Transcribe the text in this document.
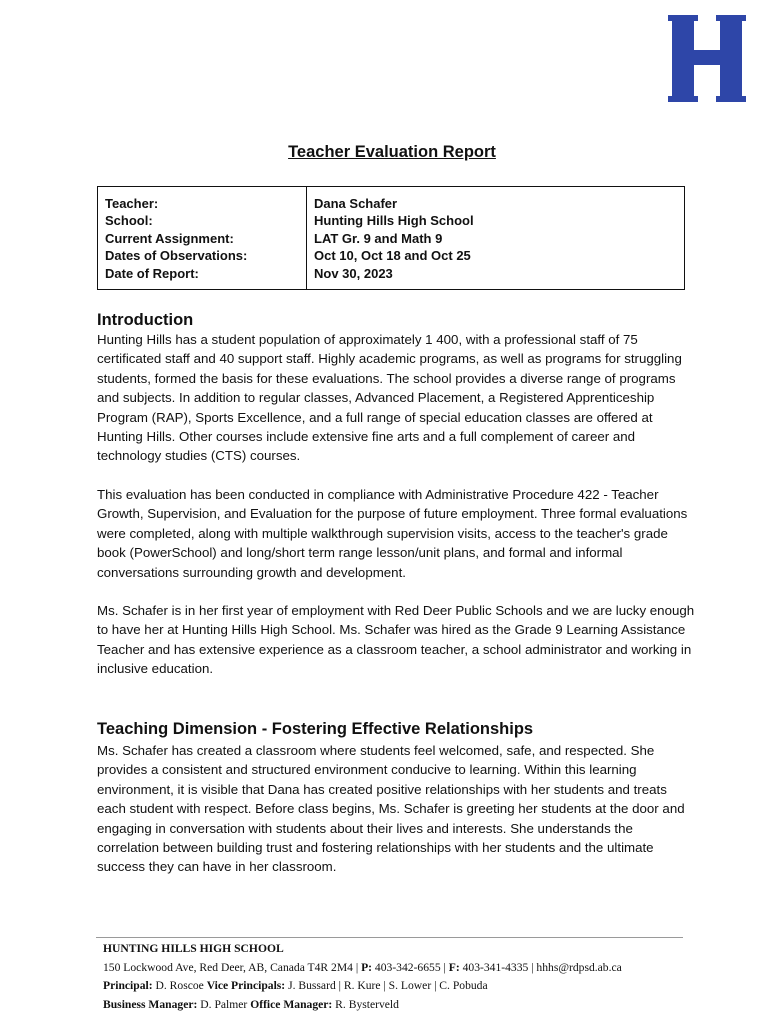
Teacher Evaluation Report
Teacher:
School:
Current Assignment:
Dates of Observations:
Date of Report:
Dana Schafer
Hunting Hills High School
LAT Gr. 9 and Math 9
Oct 10, Oct 18 and Oct 25
Nov 30, 2023
Introduction

Hunting Hills has a student population of approximately 1 400, with a professional staff of 75 certificated staff and 40 support staff. Highly academic programs, as well as programs for struggling students, formed the basis for these evaluations. The school provides a diverse range of programs and subjects. In addition to regular classes, Advanced Placement, a Registered Apprenticeship Program (RAP), Sports Excellence, and a full range of special education classes are offered at Hunting Hills. Other courses include extensive fine arts and a full complement of career and technology studies (CTS) courses.

This evaluation has been conducted in compliance with Administrative Procedure 422 - Teacher Growth, Supervision, and Evaluation for the purpose of future employment. Three formal evaluations were completed, along with multiple walkthrough supervision visits, access to the teacher's grade book (PowerSchool) and long/short term range lesson/unit plans, and formal and informal conversations surrounding growth and development.

Ms. Schafer is in her first year of employment with Red Deer Public Schools and we are lucky enough to have her at Hunting Hills High School. Ms. Schafer was hired as the Grade 9 Learning Assistance Teacher and has extensive experience as a classroom teacher, a school administrator and working in inclusive education.

Teaching Dimension - Fostering Effective Relationships

Ms. Schafer has created a classroom where students feel welcomed, safe, and respected. She provides a consistent and structured environment conducive to learning. Within this learning environment, it is visible that Dana has created positive relationships with her students and treats each student with respect. Before class begins, Ms. Schafer is greeting her students at the door and engaging in conversation with students about their lives and interests. She understands the correlation between building trust and fostering relationships with her students and the ultimate success they can have in her classroom.

HUNTING HILLS HIGH SCHOOL
150 Lockwood Ave, Red Deer, AB, Canada T4R 2M4 | P: 403-342-6655 | F: 403-341-4335 | hhhs@rdpsd.ab.ca
Principal: D. Roscoe Vice Principals: J. Bussard | R. Kure | S. Lower | C. Pobuda
Business Manager: D. Palmer Office Manager: R. Bysterveld
